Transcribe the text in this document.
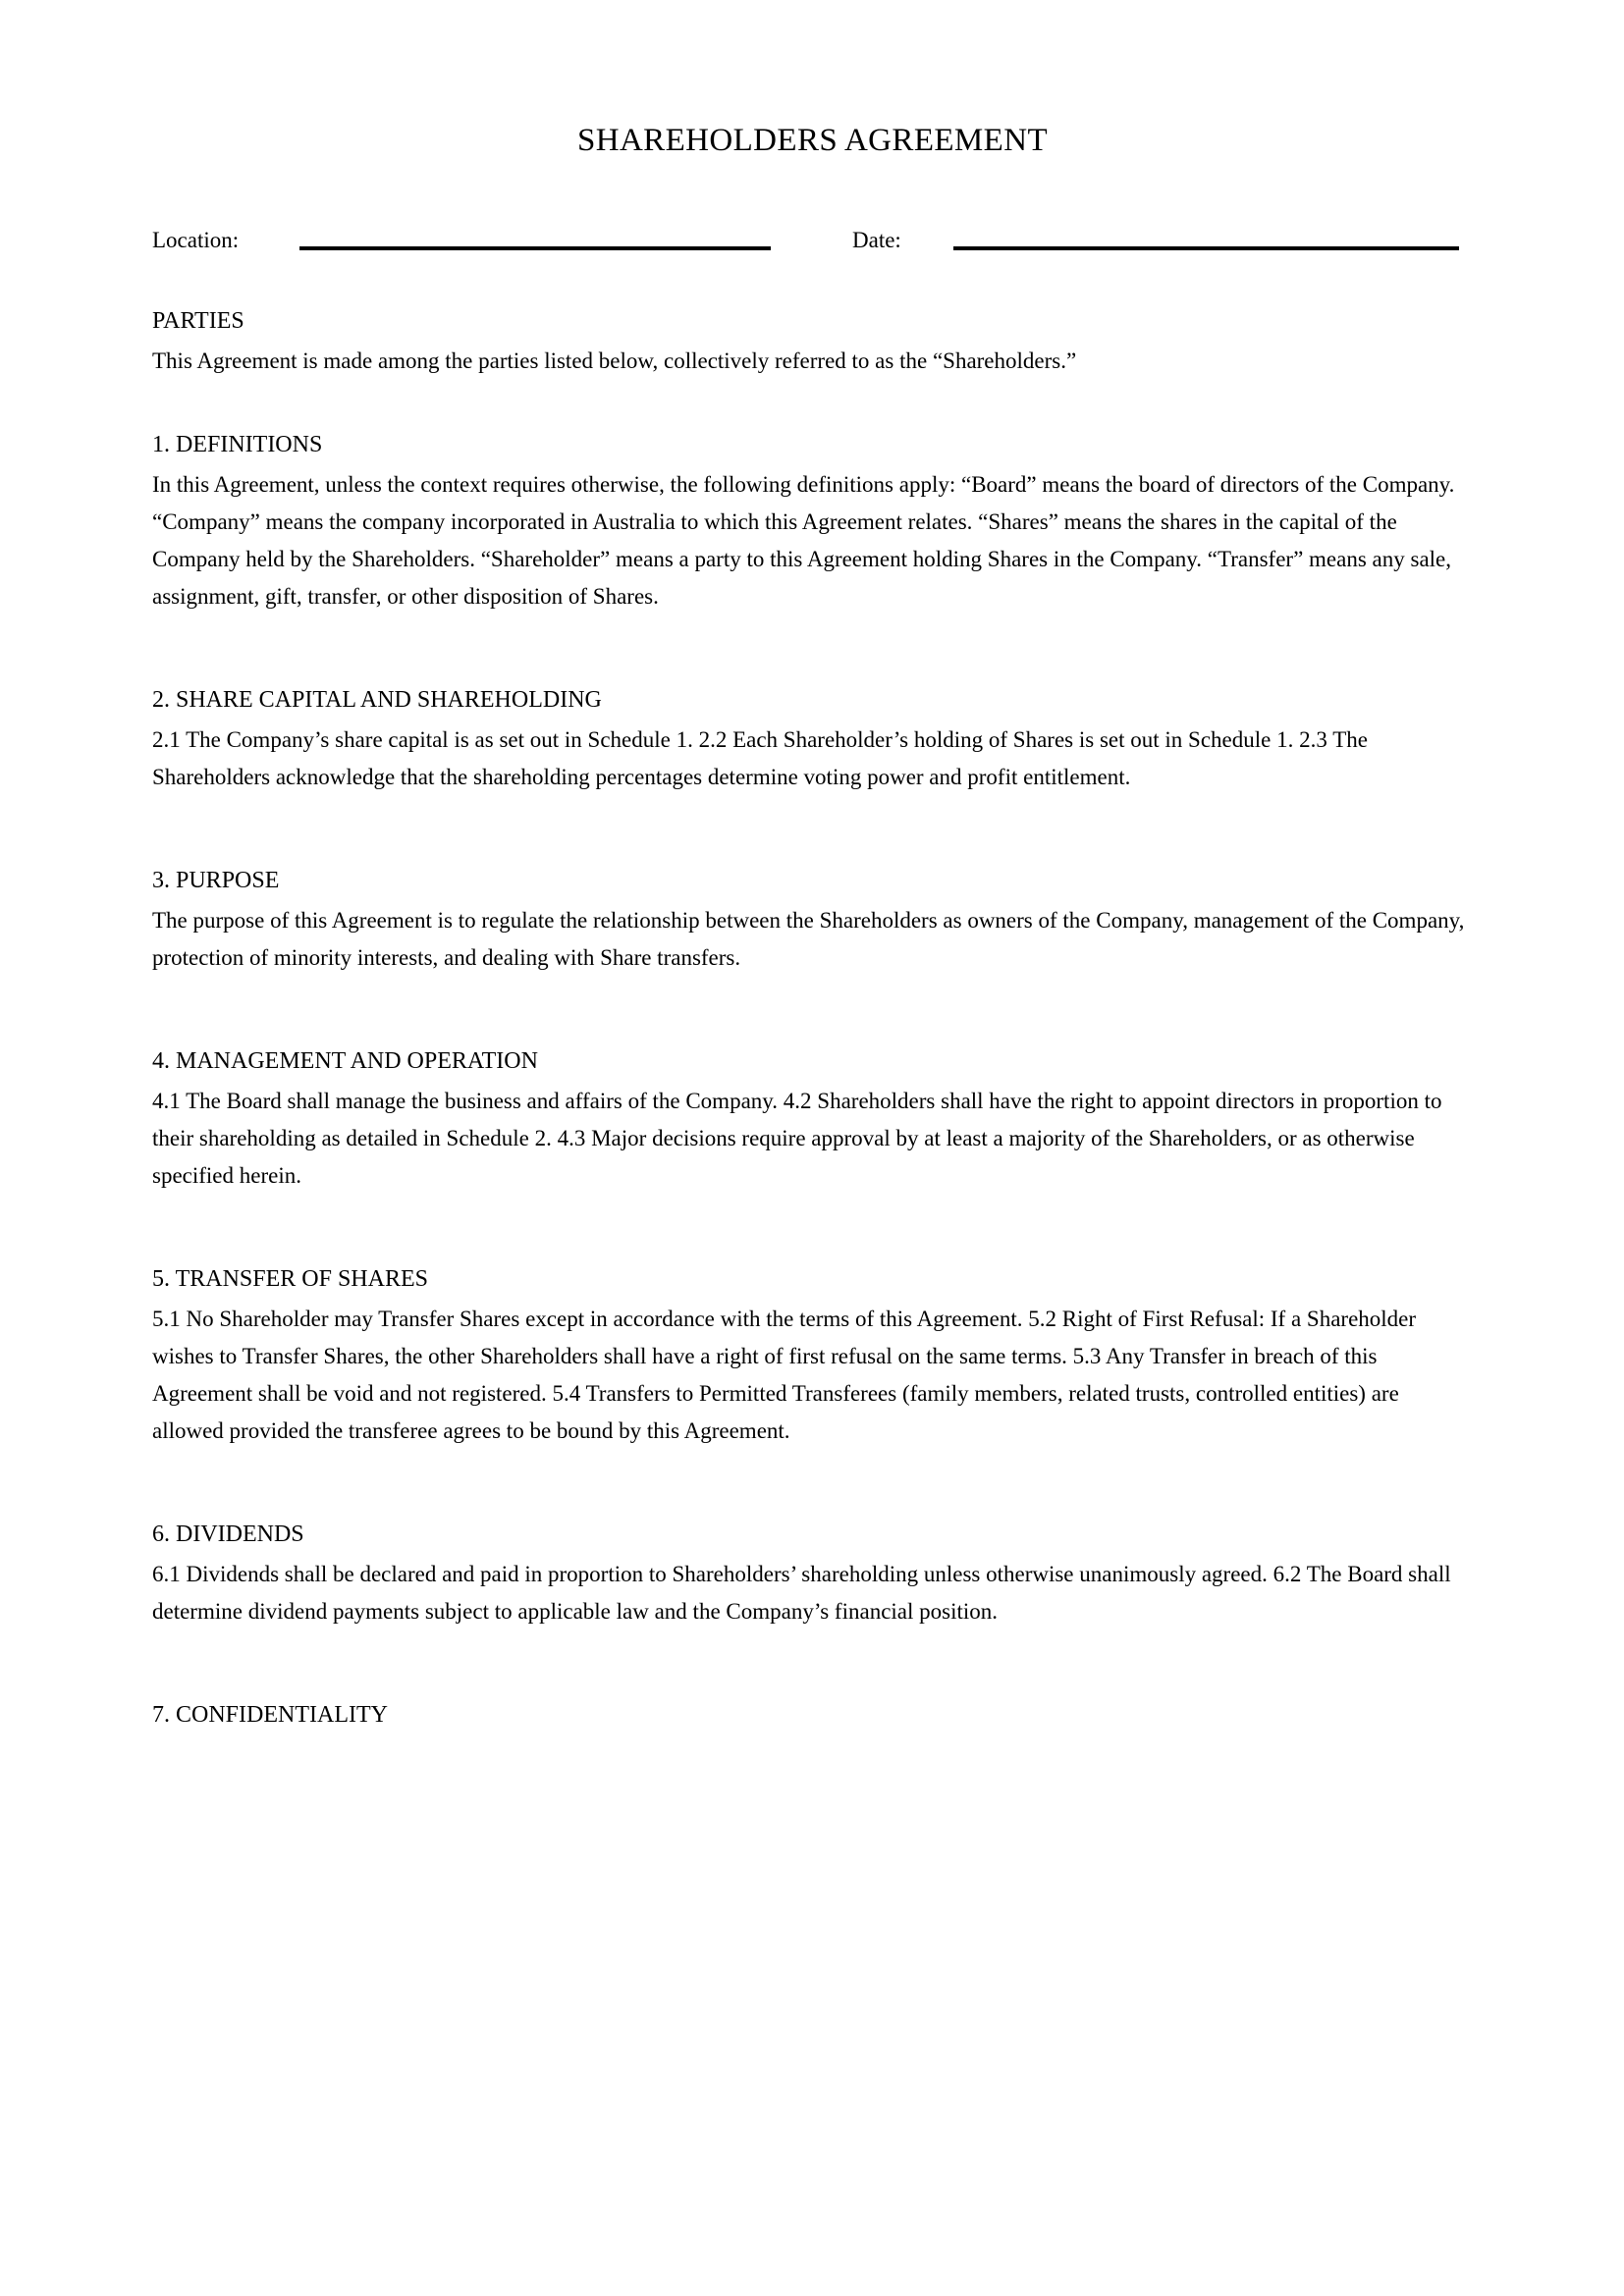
SHAREHOLDERS AGREEMENT
Location:	Date:
PARTIES

This Agreement is made among the parties listed below, collectively referred to as the “Shareholders.”

1. DEFINITIONS

In this Agreement, unless the context requires otherwise, the following definitions apply: “Board” means the board of directors of the Company. “Company” means the company incorporated in Australia to which this Agreement relates. “Shares” means the shares in the capital of the Company held by the Shareholders. “Shareholder” means a party to this Agreement holding Shares in the Company. “Transfer” means any sale, assignment, gift, transfer, or other disposition of Shares.

2. SHARE CAPITAL AND SHAREHOLDING

2.1 The Company’s share capital is as set out in Schedule 1. 2.2 Each Shareholder’s holding of Shares is set out in Schedule 1. 2.3 The Shareholders acknowledge that the shareholding percentages determine voting power and profit entitlement.

3. PURPOSE

The purpose of this Agreement is to regulate the relationship between the Shareholders as owners of the Company, management of the Company, protection of minority interests, and dealing with Share transfers.

4. MANAGEMENT AND OPERATION

4.1 The Board shall manage the business and affairs of the Company. 4.2 Shareholders shall have the right to appoint directors in proportion to their shareholding as detailed in Schedule 2. 4.3 Major decisions require approval by at least a majority of the Shareholders, or as otherwise specified herein.

5. TRANSFER OF SHARES

5.1 No Shareholder may Transfer Shares except in accordance with the terms of this Agreement. 5.2 Right of First Refusal: If a Shareholder wishes to Transfer Shares, the other Shareholders shall have a right of first refusal on the same terms. 5.3 Any Transfer in breach of this Agreement shall be void and not registered. 5.4 Transfers to Permitted Transferees (family members, related trusts, controlled entities) are allowed provided the transferee agrees to be bound by this Agreement.

6. DIVIDENDS

6.1 Dividends shall be declared and paid in proportion to Shareholders’ shareholding unless otherwise unanimously agreed. 6.2 The Board shall determine dividend payments subject to applicable law and the Company’s financial position.

7. CONFIDENTIALITY
